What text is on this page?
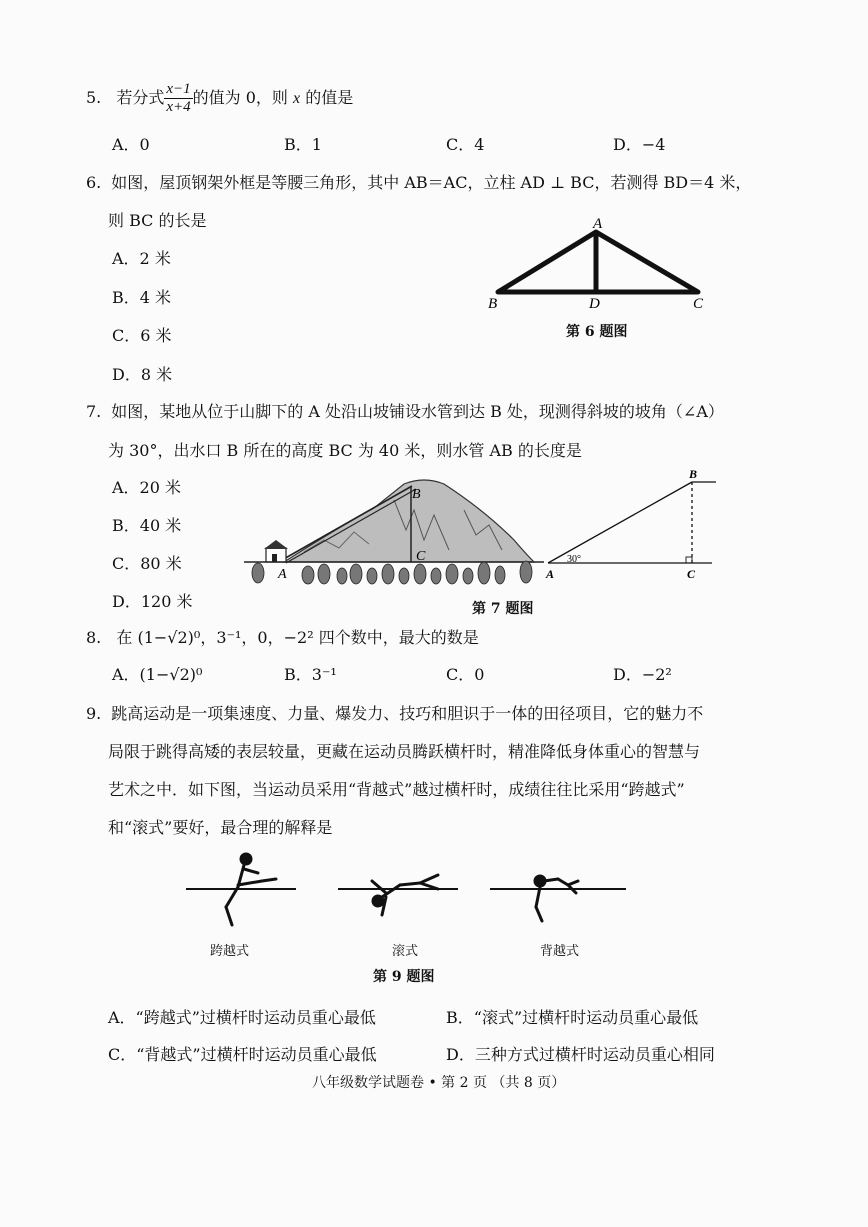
5. 若分式 $\frac{x-1}{x+4}$ 的值为 0，则 x 的值是
A．0	B．1	C．4	D．−4
6. 如图，屋顶钢架外框是等腰三角形，其中 AB＝AC，立柱 AD ⊥ BC，若测得 BD＝4 米，
则 BC 的长是
A．2 米
B．4 米
C．6 米
D．8 米
A
B	D	C
第 6 题图
7. 如图，某地从位于山脚下的 A 处沿山坡铺设水管到达 B 处，现测得斜坡的坡角（∠A）
为 30°，出水口 B 所在的高度 BC 为 40 米，则水管 AB 的长度是
A．20 米
B．40 米
C．80 米
D．120 米
B
C
A
30°
A
B
C
第 7 题图
8. 在 (1−√2)⁰，3⁻¹，0，−2² 四个数中，最大的数是
A．(1−√2)⁰	B．3⁻¹	C．0	D．−2²
9. 跳高运动是一项集速度、力量、爆发力、技巧和胆识于一体的田径项目，它的魅力不
局限于跳得高矮的表层较量，更藏在运动员腾跃横杆时，精准降低身体重心的智慧与
艺术之中．如下图，当运动员采用“背越式”越过横杆时，成绩往往比采用“跨越式”
和“滚式”要好，最合理的解释是
跨越式	滚式	背越式
第 9 题图
A．“跨越式”过横杆时运动员重心最低	B．“滚式”过横杆时运动员重心最低
C．“背越式”过横杆时运动员重心最低	D．三种方式过横杆时运动员重心相同
八年级数学试题卷 • 第 2 页 （共 8 页）
